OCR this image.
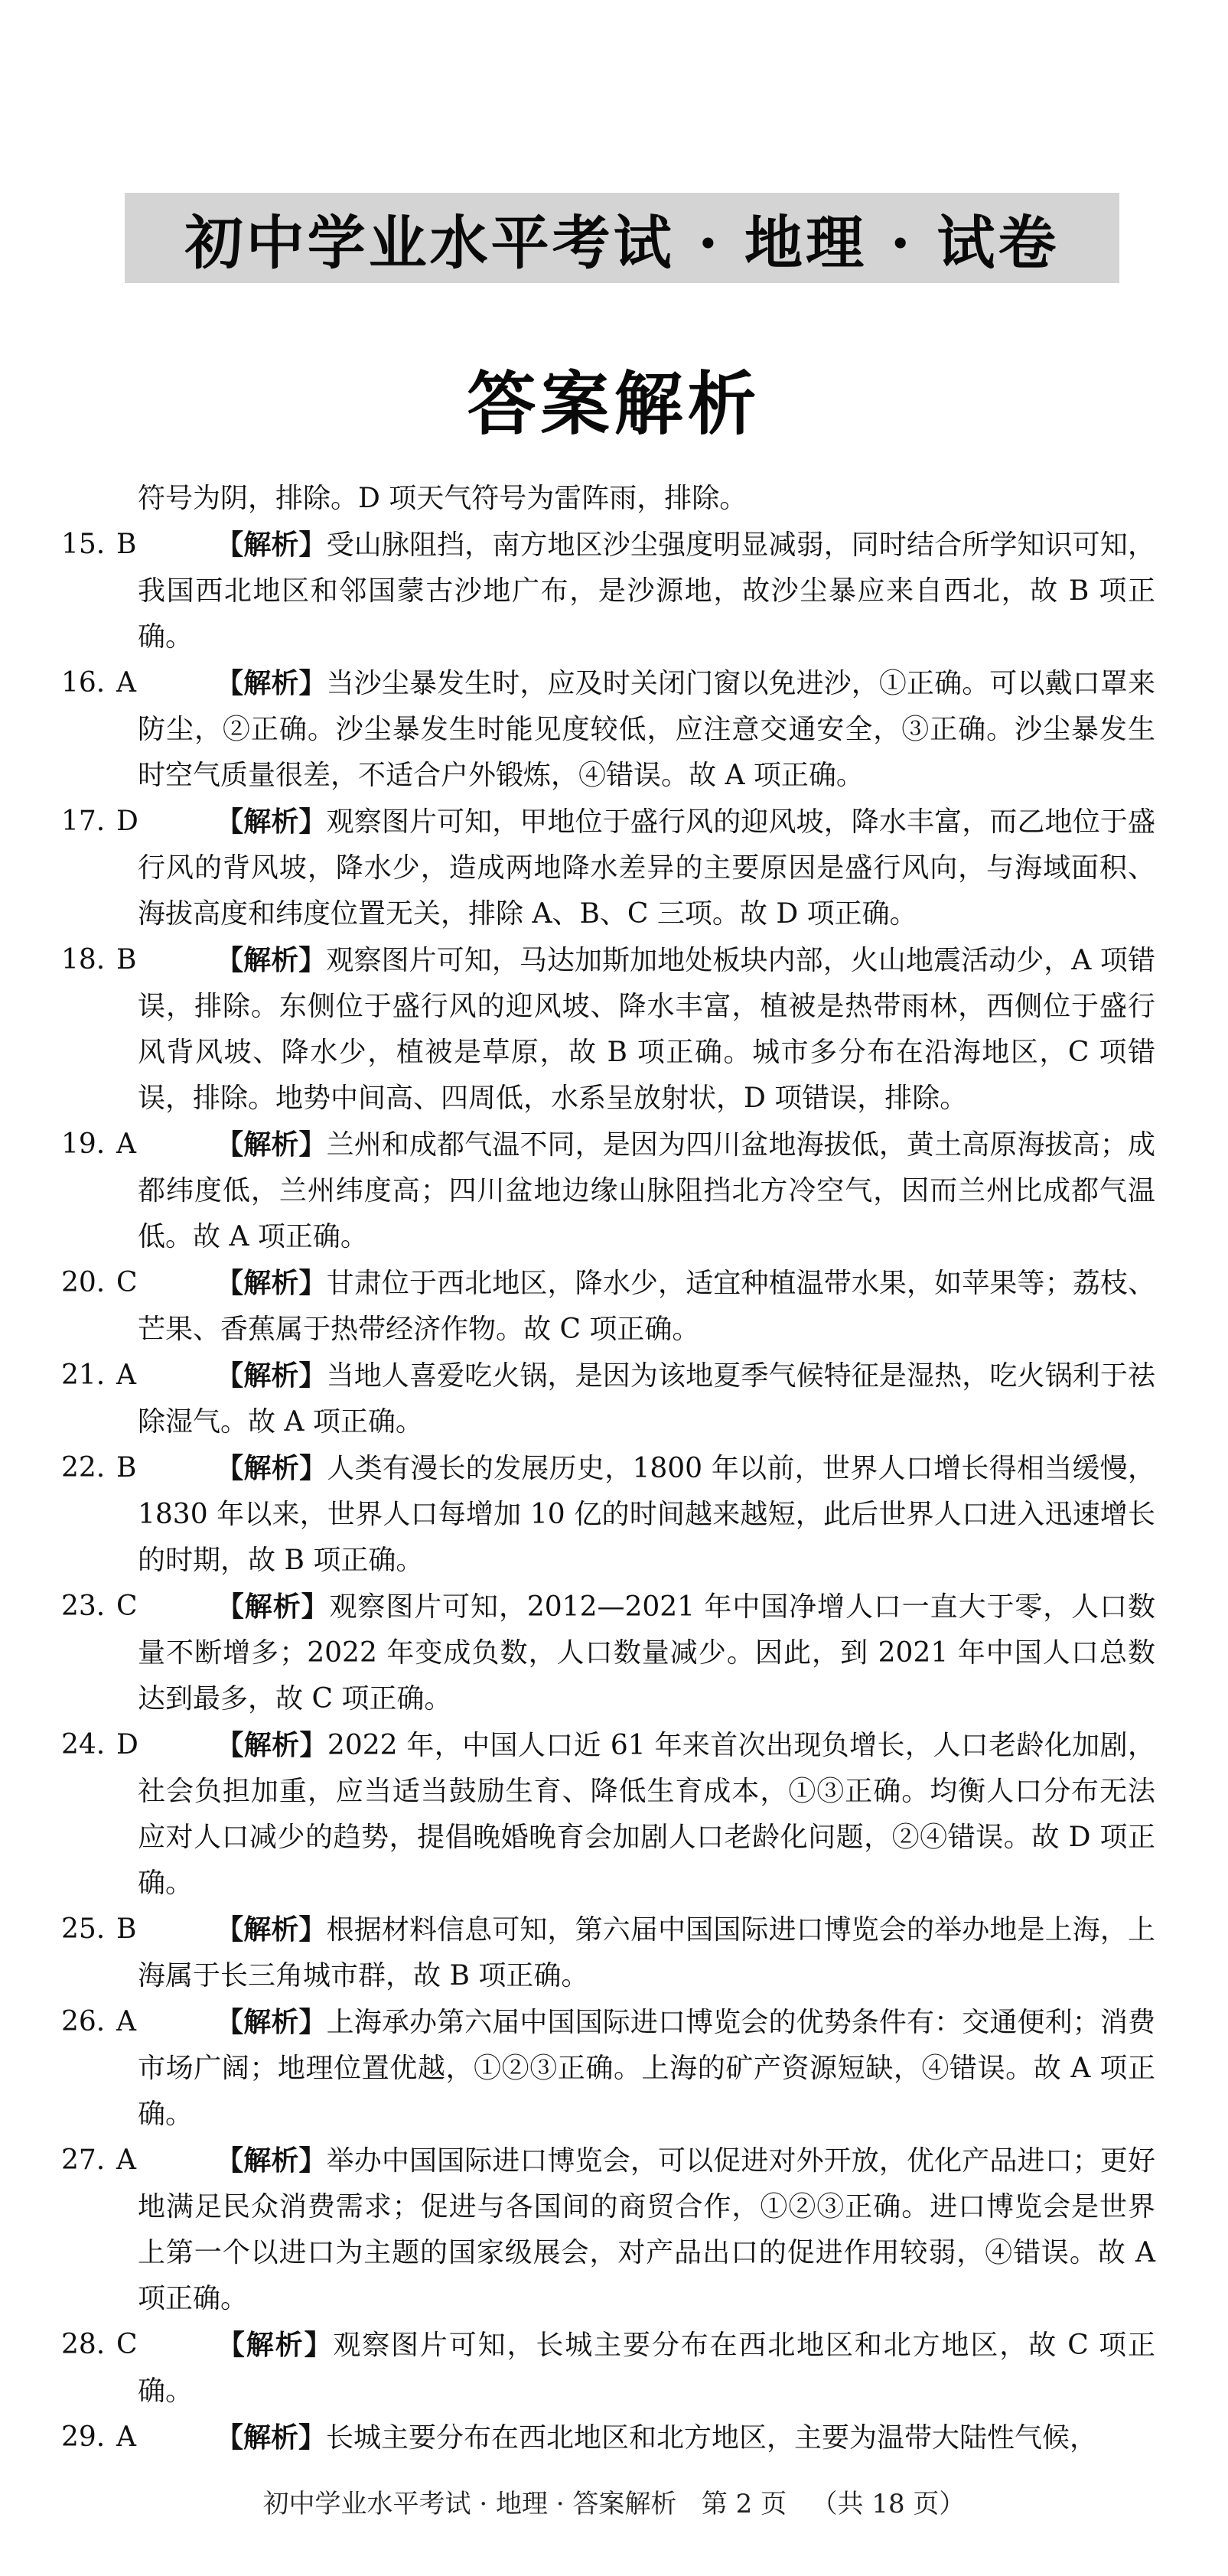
初中学业水平考试 · 地理 · 试卷
答案解析
符号为阴，排除。D 项天气符号为雷阵雨，排除。
15. B	【解析】受山脉阻挡，南方地区沙尘强度明显减弱，同时结合所学知识可知，我国西北地区和邻国蒙古沙地广布，是沙源地，故沙尘暴应来自西北，故 B 项正确。
16. A	【解析】当沙尘暴发生时，应及时关闭门窗以免进沙，①正确。可以戴口罩来防尘，②正确。沙尘暴发生时能见度较低，应注意交通安全，③正确。沙尘暴发生时空气质量很差，不适合户外锻炼，④错误。故 A 项正确。
17. D	【解析】观察图片可知，甲地位于盛行风的迎风坡，降水丰富，而乙地位于盛行风的背风坡，降水少，造成两地降水差异的主要原因是盛行风向，与海域面积、海拔高度和纬度位置无关，排除 A、B、C 三项。故 D 项正确。
18. B	【解析】观察图片可知，马达加斯加地处板块内部，火山地震活动少，A 项错误，排除。东侧位于盛行风的迎风坡、降水丰富，植被是热带雨林，西侧位于盛行风背风坡、降水少，植被是草原，故 B 项正确。城市多分布在沿海地区，C 项错误，排除。地势中间高、四周低，水系呈放射状，D 项错误，排除。
19. A	【解析】兰州和成都气温不同，是因为四川盆地海拔低，黄土高原海拔高；成都纬度低，兰州纬度高；四川盆地边缘山脉阻挡北方冷空气，因而兰州比成都气温低。故 A 项正确。
20. C	【解析】甘肃位于西北地区，降水少，适宜种植温带水果，如苹果等；荔枝、芒果、香蕉属于热带经济作物。故 C 项正确。
21. A	【解析】当地人喜爱吃火锅，是因为该地夏季气候特征是湿热，吃火锅利于祛除湿气。故 A 项正确。
22. B	【解析】人类有漫长的发展历史，1800 年以前，世界人口增长得相当缓慢，1830 年以来，世界人口每增加 10 亿的时间越来越短，此后世界人口进入迅速增长的时期，故 B 项正确。
23. C	【解析】观察图片可知，2012—2021 年中国净增人口一直大于零，人口数量不断增多；2022 年变成负数，人口数量减少。因此，到 2021 年中国人口总数达到最多，故 C 项正确。
24. D	【解析】2022 年，中国人口近 61 年来首次出现负增长，人口老龄化加剧，社会负担加重，应当适当鼓励生育、降低生育成本，①③正确。均衡人口分布无法应对人口减少的趋势，提倡晚婚晚育会加剧人口老龄化问题，②④错误。故 D 项正确。
25. B	【解析】根据材料信息可知，第六届中国国际进口博览会的举办地是上海，上海属于长三角城市群，故 B 项正确。
26. A	【解析】上海承办第六届中国国际进口博览会的优势条件有：交通便利；消费市场广阔；地理位置优越，①②③正确。上海的矿产资源短缺，④错误。故 A 项正确。
27. A	【解析】举办中国国际进口博览会，可以促进对外开放，优化产品进口；更好地满足民众消费需求；促进与各国间的商贸合作，①②③正确。进口博览会是世界上第一个以进口为主题的国家级展会，对产品出口的促进作用较弱，④错误。故 A 项正确。
28. C	【解析】观察图片可知，长城主要分布在西北地区和北方地区，故 C 项正确。
29. A	【解析】长城主要分布在西北地区和北方地区，主要为温带大陆性气候，
初中学业水平考试 · 地理 · 答案解析 第 2 页 （共 18 页）
